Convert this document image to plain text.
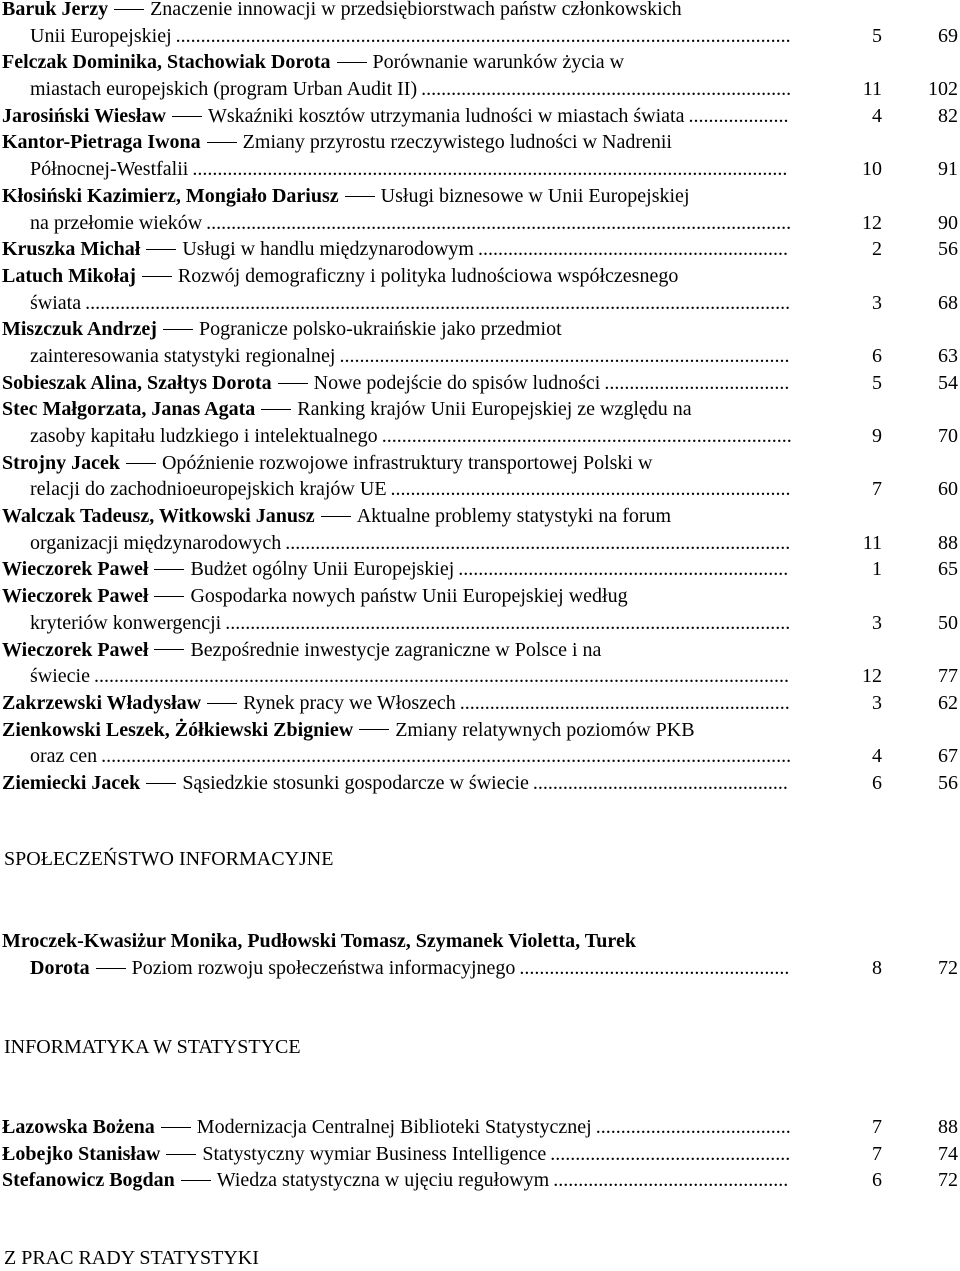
Baruk Jerzy Znaczenie innowacji w przedsiębiorstwach państw członkowskich
Unii Europejskiej ...........................................................................................................................	5	69
Felczak Dominika, Stachowiak Dorota Porównanie warunków życia w
miastach europejskich (program Urban Audit II) ..........................................................................	11 102
Jarosiński Wiesław Wskaźniki kosztów utrzymania ludności w miastach świata ....................	4	82
Kantor-Pietraga Iwona Zmiany przyrostu rzeczywistego ludności w Nadrenii
Północnej-Westfalii .......................................................................................................................	10	91
Kłosiński Kazimierz, Mongiało Dariusz Usługi biznesowe w Unii Europejskiej
na przełomie wieków .....................................................................................................................	12	90
Kruszka Michał Usługi w handlu międzynarodowym ..............................................................	2	56
Latuch Mikołaj Rozwój demograficzny i polityka ludnościowa współczesnego
świata .............................................................................................................................................	3	68
Miszczuk Andrzej Pogranicze polsko-ukraińskie jako przedmiot
zainteresowania statystyki regionalnej ..........................................................................................	6	63
Sobieszak Alina, Szałtys Dorota Nowe podejście do spisów ludności .....................................	5	54
Stec Małgorzata, Janas Agata Ranking krajów Unii Europejskiej ze względu na
zasoby kapitału ludzkiego i intelektualnego ..................................................................................	9	70
Strojny Jacek Opóźnienie rozwojowe infrastruktury transportowej Polski w
relacji do zachodnioeuropejskich krajów UE ................................................................................	7	60
Walczak Tadeusz, Witkowski Janusz Aktualne problemy statystyki na forum
organizacji międzynarodowych .....................................................................................................	11	88
Wieczorek Paweł Budżet ogólny Unii Europejskiej ..................................................................	1	65
Wieczorek Paweł Gospodarka nowych państw Unii Europejskiej według
kryteriów konwergencji .................................................................................................................	3	50
Wieczorek Paweł Bezpośrednie inwestycje zagraniczne w Polsce i na
świecie ...........................................................................................................................................	12	77
Zakrzewski Władysław Rynek pracy we Włoszech ..................................................................	3	62
Zienkowski Leszek, Żółkiewski Zbigniew Zmiany relatywnych poziomów PKB
oraz cen ..........................................................................................................................................	4	67
Ziemiecki Jacek Sąsiedzkie stosunki gospodarcze w świecie ...................................................	6	56
SPOŁECZEŃSTWO INFORMACYJNE
Mroczek-Kwasiżur Monika, Pudłowski Tomasz, Szymanek Violetta, Turek
Dorota Poziom rozwoju społeczeństwa informacyjnego ......................................................	8	72
INFORMATYKA W STATYSTYCE
Łazowska Bożena Modernizacja Centralnej Biblioteki Statystycznej .......................................	7	88
Łobejko Stanisław Statystyczny wymiar Business Intelligence ................................................	7	74
Stefanowicz Bogdan Wiedza statystyczna w ujęciu regułowym ...............................................	6	72
Z PRAC RADY STATYSTYKI
